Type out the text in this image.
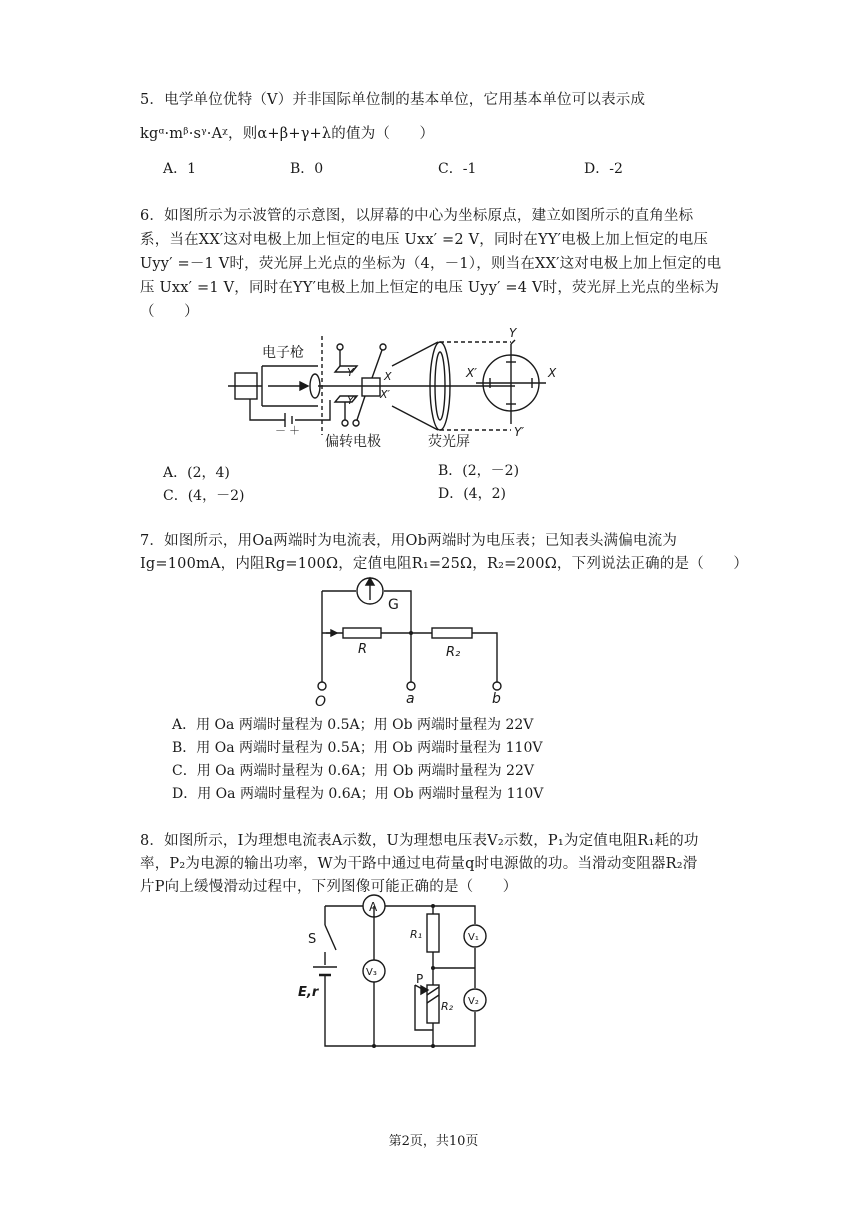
5．电学单位优特（V）并非国际单位制的基本单位，它用基本单位可以表示成
kgᵅ·mᵝ·sᵞ·Aᵡ，则α+β+γ+λ的值为（　　）
A．1	B．0	C．-1	D．-2
6．如图所示为示波管的示意图，以屏幕的中心为坐标原点，建立如图所示的直角坐标
系，当在XX′这对电极上加上恒定的电压 Uxx′ =2 V，同时在YY′电极上加上恒定的电压
Uyy′ =－1 V时，荧光屏上光点的坐标为（4，－1），则当在XX′这对电极上加上恒定的电
压 Uxx′ =1 V，同时在YY′电极上加上恒定的电压 Uyy′ =4 V时，荧光屏上光点的坐标为
（　　）
电子枪
偏转电极	荧光屏
Y
Y′
X
X′
Y
Y′
X
X′
－ ＋
A．(2，4)	B．(2，－2)
C．(4，－2)	D．(4，2)
7．如图所示，用Oa两端时为电流表，用Ob两端时为电压表；已知表头满偏电流为
Ig=100mA，内阻Rg=100Ω，定值电阻R₁=25Ω，R₂=200Ω，下列说法正确的是（　　）
G
R	R₂
O	a	b
A．用 Oa 两端时量程为 0.5A；用 Ob 两端时量程为 22V
B．用 Oa 两端时量程为 0.5A；用 Ob 两端时量程为 110V
C．用 Oa 两端时量程为 0.6A；用 Ob 两端时量程为 22V
D．用 Oa 两端时量程为 0.6A；用 Ob 两端时量程为 110V
8．如图所示，I为理想电流表A示数，U为理想电压表V₂示数，P₁为定值电阻R₁耗的功
率，P₂为电源的输出功率，W为干路中通过电荷量q时电源做的功。当滑动变阻器R₂滑
片P向上缓慢滑动过程中，下列图像可能正确的是（　　）
S
E,r
A
V₃
V₁
V₂
R₁
R₂
P
第2页，共10页
